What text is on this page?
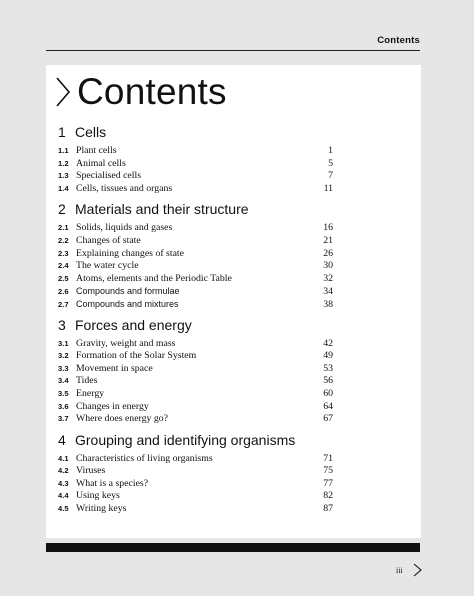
Contents
Contents
1 Cells
1.1 Plant cells	1
1.2 Animal cells	5
1.3 Specialised cells	7
1.4 Cells, tissues and organs	11
2 Materials and their structure
2.1 Solids, liquids and gases	16
2.2 Changes of state	21
2.3 Explaining changes of state	26
2.4 The water cycle	30
2.5 Atoms, elements and the Periodic Table	32
2.6 Compounds and formulae	34
2.7 Compounds and mixtures	38
3 Forces and energy
3.1 Gravity, weight and mass	42
3.2 Formation of the Solar System	49
3.3 Movement in space	53
3.4 Tides	56
3.5 Energy	60
3.6 Changes in energy	64
3.7 Where does energy go?	67
4 Grouping and identifying organisms
4.1 Characteristics of living organisms	71
4.2 Viruses	75
4.3 What is a species?	77
4.4 Using keys	82
4.5 Writing keys	87
iii
